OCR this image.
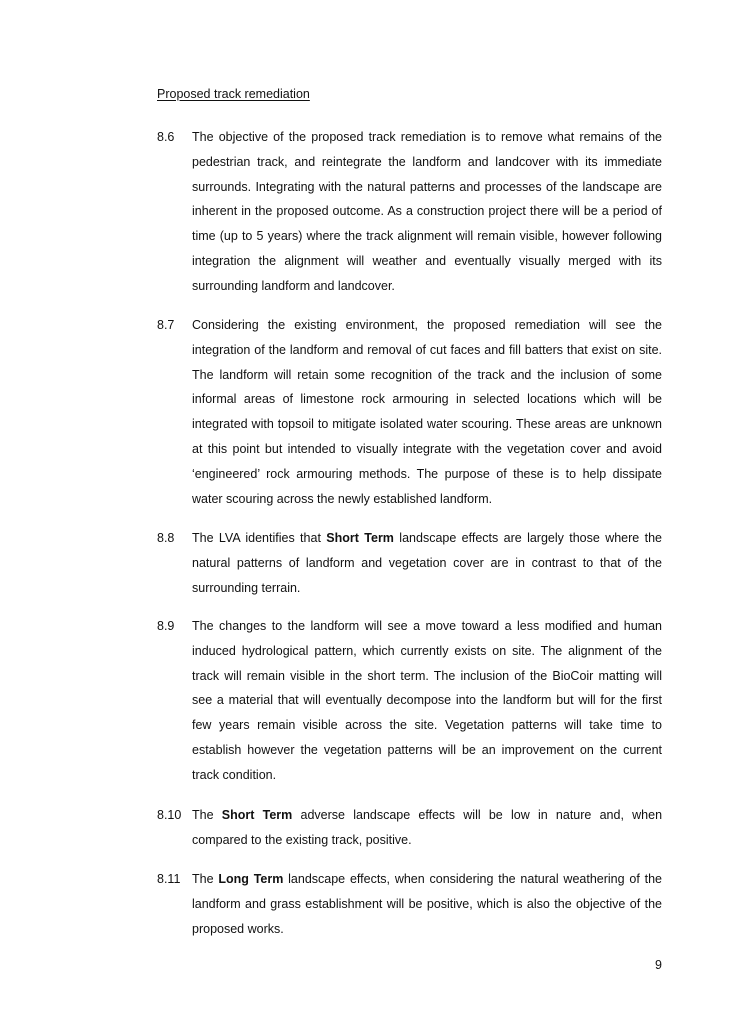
Proposed track remediation
8.6 The objective of the proposed track remediation is to remove what remains of the pedestrian track, and reintegrate the landform and landcover with its immediate surrounds. Integrating with the natural patterns and processes of the landscape are inherent in the proposed outcome. As a construction project there will be a period of time (up to 5 years) where the track alignment will remain visible, however following integration the alignment will weather and eventually visually merged with its surrounding landform and landcover.
8.7 Considering the existing environment, the proposed remediation will see the integration of the landform and removal of cut faces and fill batters that exist on site. The landform will retain some recognition of the track and the inclusion of some informal areas of limestone rock armouring in selected locations which will be integrated with topsoil to mitigate isolated water scouring. These areas are unknown at this point but intended to visually integrate with the vegetation cover and avoid ‘engineered’ rock armouring methods. The purpose of these is to help dissipate water scouring across the newly established landform.
8.8 The LVA identifies that Short Term landscape effects are largely those where the natural patterns of landform and vegetation cover are in contrast to that of the surrounding terrain.
8.9 The changes to the landform will see a move toward a less modified and human induced hydrological pattern, which currently exists on site. The alignment of the track will remain visible in the short term. The inclusion of the BioCoir matting will see a material that will eventually decompose into the landform but will for the first few years remain visible across the site. Vegetation patterns will take time to establish however the vegetation patterns will be an improvement on the current track condition.
8.10 The Short Term adverse landscape effects will be low in nature and, when compared to the existing track, positive.
8.11 The Long Term landscape effects, when considering the natural weathering of the landform and grass establishment will be positive, which is also the objective of the proposed works.
9
